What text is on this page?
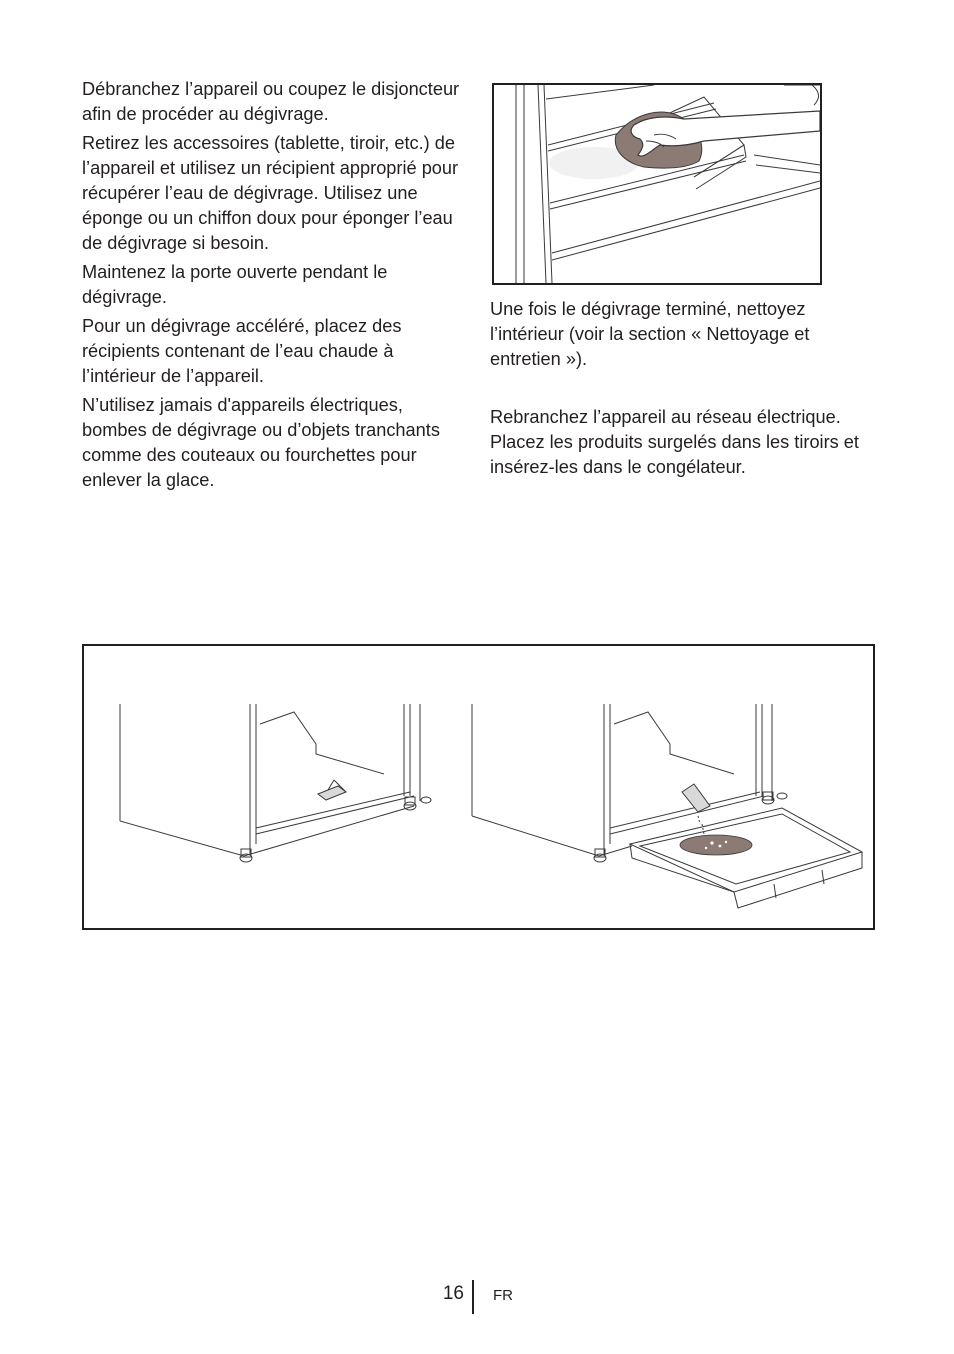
Débranchez l’appareil ou coupez le disjoncteur afin de procéder au dégivrage.

Retirez les accessoires (tablette, tiroir, etc.) de l’appareil et utilisez un récipient approprié pour récupérer l’eau de dégivrage. Utilisez une éponge ou un chiffon doux pour éponger l’eau de dégivrage si besoin.

Maintenez la porte ouverte pendant le dégivrage.

Pour un dégivrage accéléré, placez des récipients contenant de l’eau chaude à l’intérieur de l’appareil.

N’utilisez jamais d'appareils électriques, bombes de dégivrage ou d’objets tranchants comme des couteaux ou fourchettes pour enlever la glace.

Une fois le dégivrage terminé, nettoyez l’intérieur (voir la section « Nettoyage et entretien »).

Rebranchez l’appareil au réseau électrique. Placez les produits surgelés dans les tiroirs et insérez-les dans le congélateur.

16 FR
